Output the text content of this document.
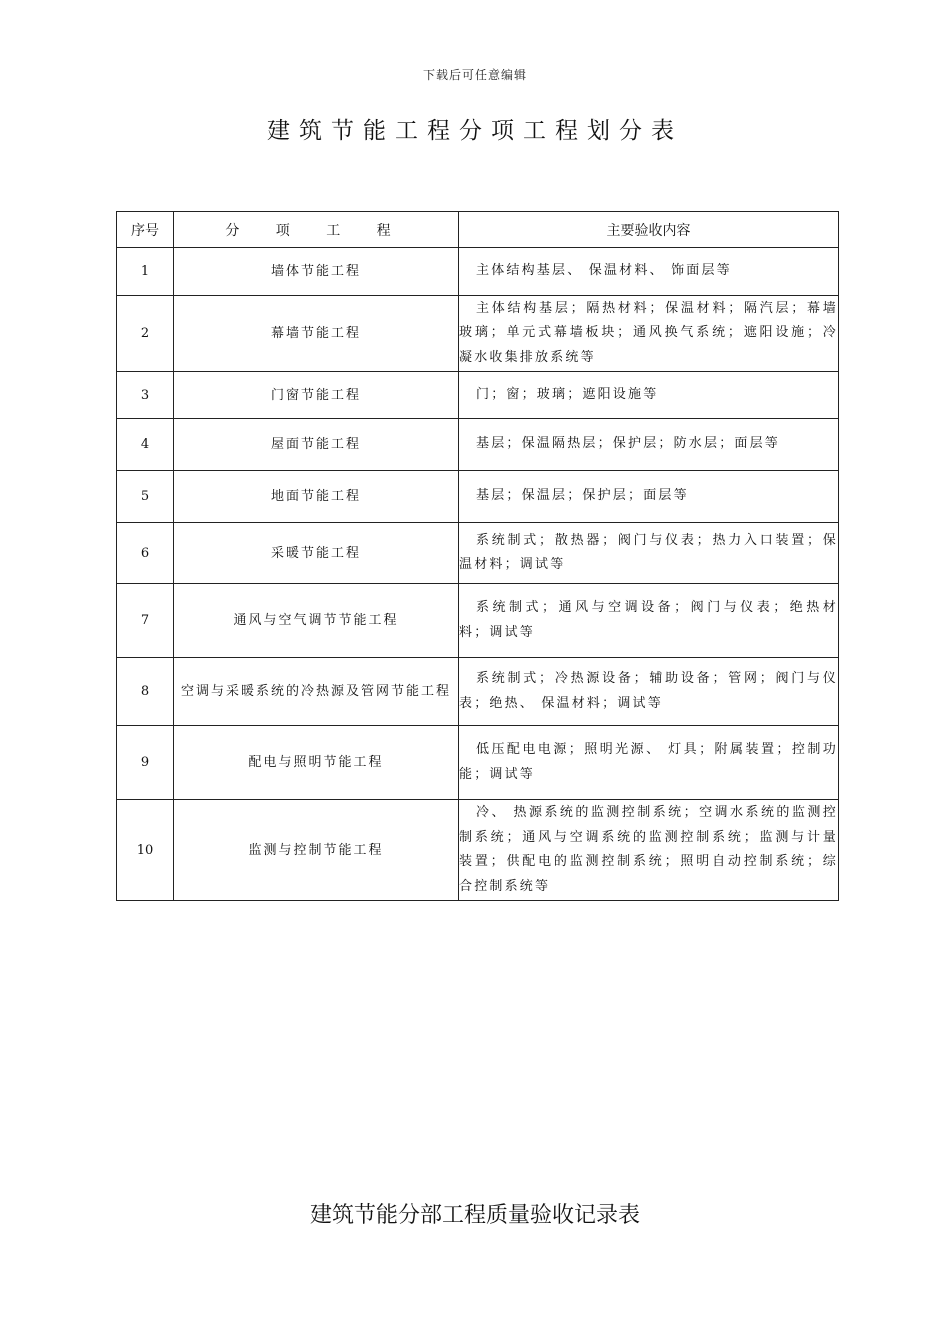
下载后可任意编辑
建筑节能工程分项工程划分表
序号	分 项 工 程	主要验收内容
1	墙体节能工程	主体结构基层、 保温材料、 饰面层等
2	幕墙节能工程	主体结构基层；隔热材料；保温材料；隔汽层；幕墙玻璃；单元式幕墙板块；通风换气系统；遮阳设施；冷凝水收集排放系统等
3	门窗节能工程	门；窗；玻璃；遮阳设施等
4	屋面节能工程	基层；保温隔热层；保护层；防水层；面层等
5	地面节能工程	基层；保温层；保护层；面层等
6	采暖节能工程	系统制式；散热器；阀门与仪表；热力入口装置；保温材料；调试等
7	通风与空气调节节能工程	系统制式；通风与空调设备；阀门与仪表；绝热材料；调试等
8	空调与采暖系统的冷热源及管网节能工程	系统制式；冷热源设备；辅助设备；管网；阀门与仪表；绝热、 保温材料；调试等
9	配电与照明节能工程	低压配电电源；照明光源、 灯具；附属装置；控制功能；调试等
10	监测与控制节能工程	冷、 热源系统的监测控制系统；空调水系统的监测控制系统；通风与空调系统的监测控制系统；监测与计量装置；供配电的监测控制系统；照明自动控制系统；综合控制系统等
建筑节能分部工程质量验收记录表
